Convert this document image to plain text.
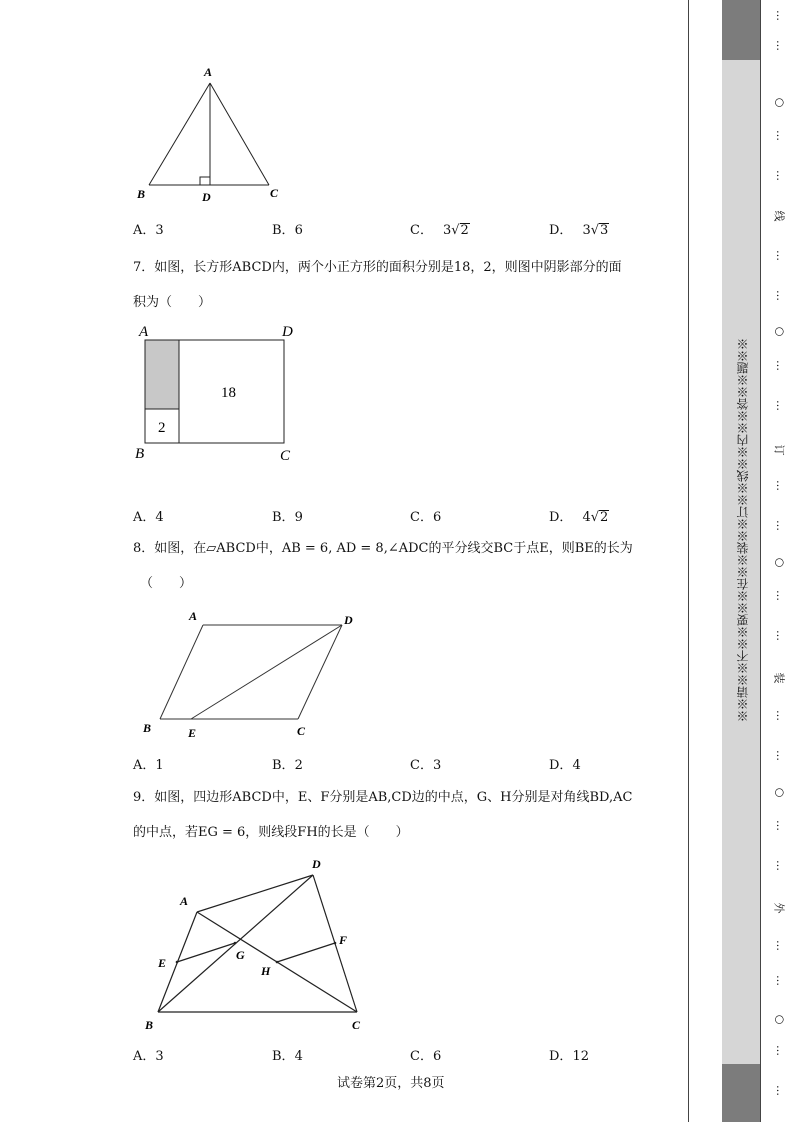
A
B	D	C
A．3	B．6	C． 3√2	D． 3√3
7．如图，长方形ABCD内，两个小正方形的面积分别是18，2，则图中阴影部分的面
积为（　　）
A	D
B	C
18
2
A．4	B．9	C．6	D． 4√2
8．如图，在▱ABCD中，AB = 6, AD = 8,∠ADC的平分线交BC于点E，则BE的长为
（　　）
A	D
B	E	C
A．1	B．2	C．3	D．4
9．如图，四边形ABCD中，E、F分别是AB,CD边的中点，G、H分别是对角线BD,AC
的中点，若EG = 6，则线段FH的长是（　　）
A
D
E
G
H
F
B	C
A．3	B．4	C．6	D．12
试卷第2页，共8页
※※请※※不※※要※※在※※装※※订※※线※※内※※答※※题※※
…
…
○
…
…
线
…
…
○
…
…
订
…
…
○
…
…
装
…
…
○
…
…
外
…
…
○
…
…
